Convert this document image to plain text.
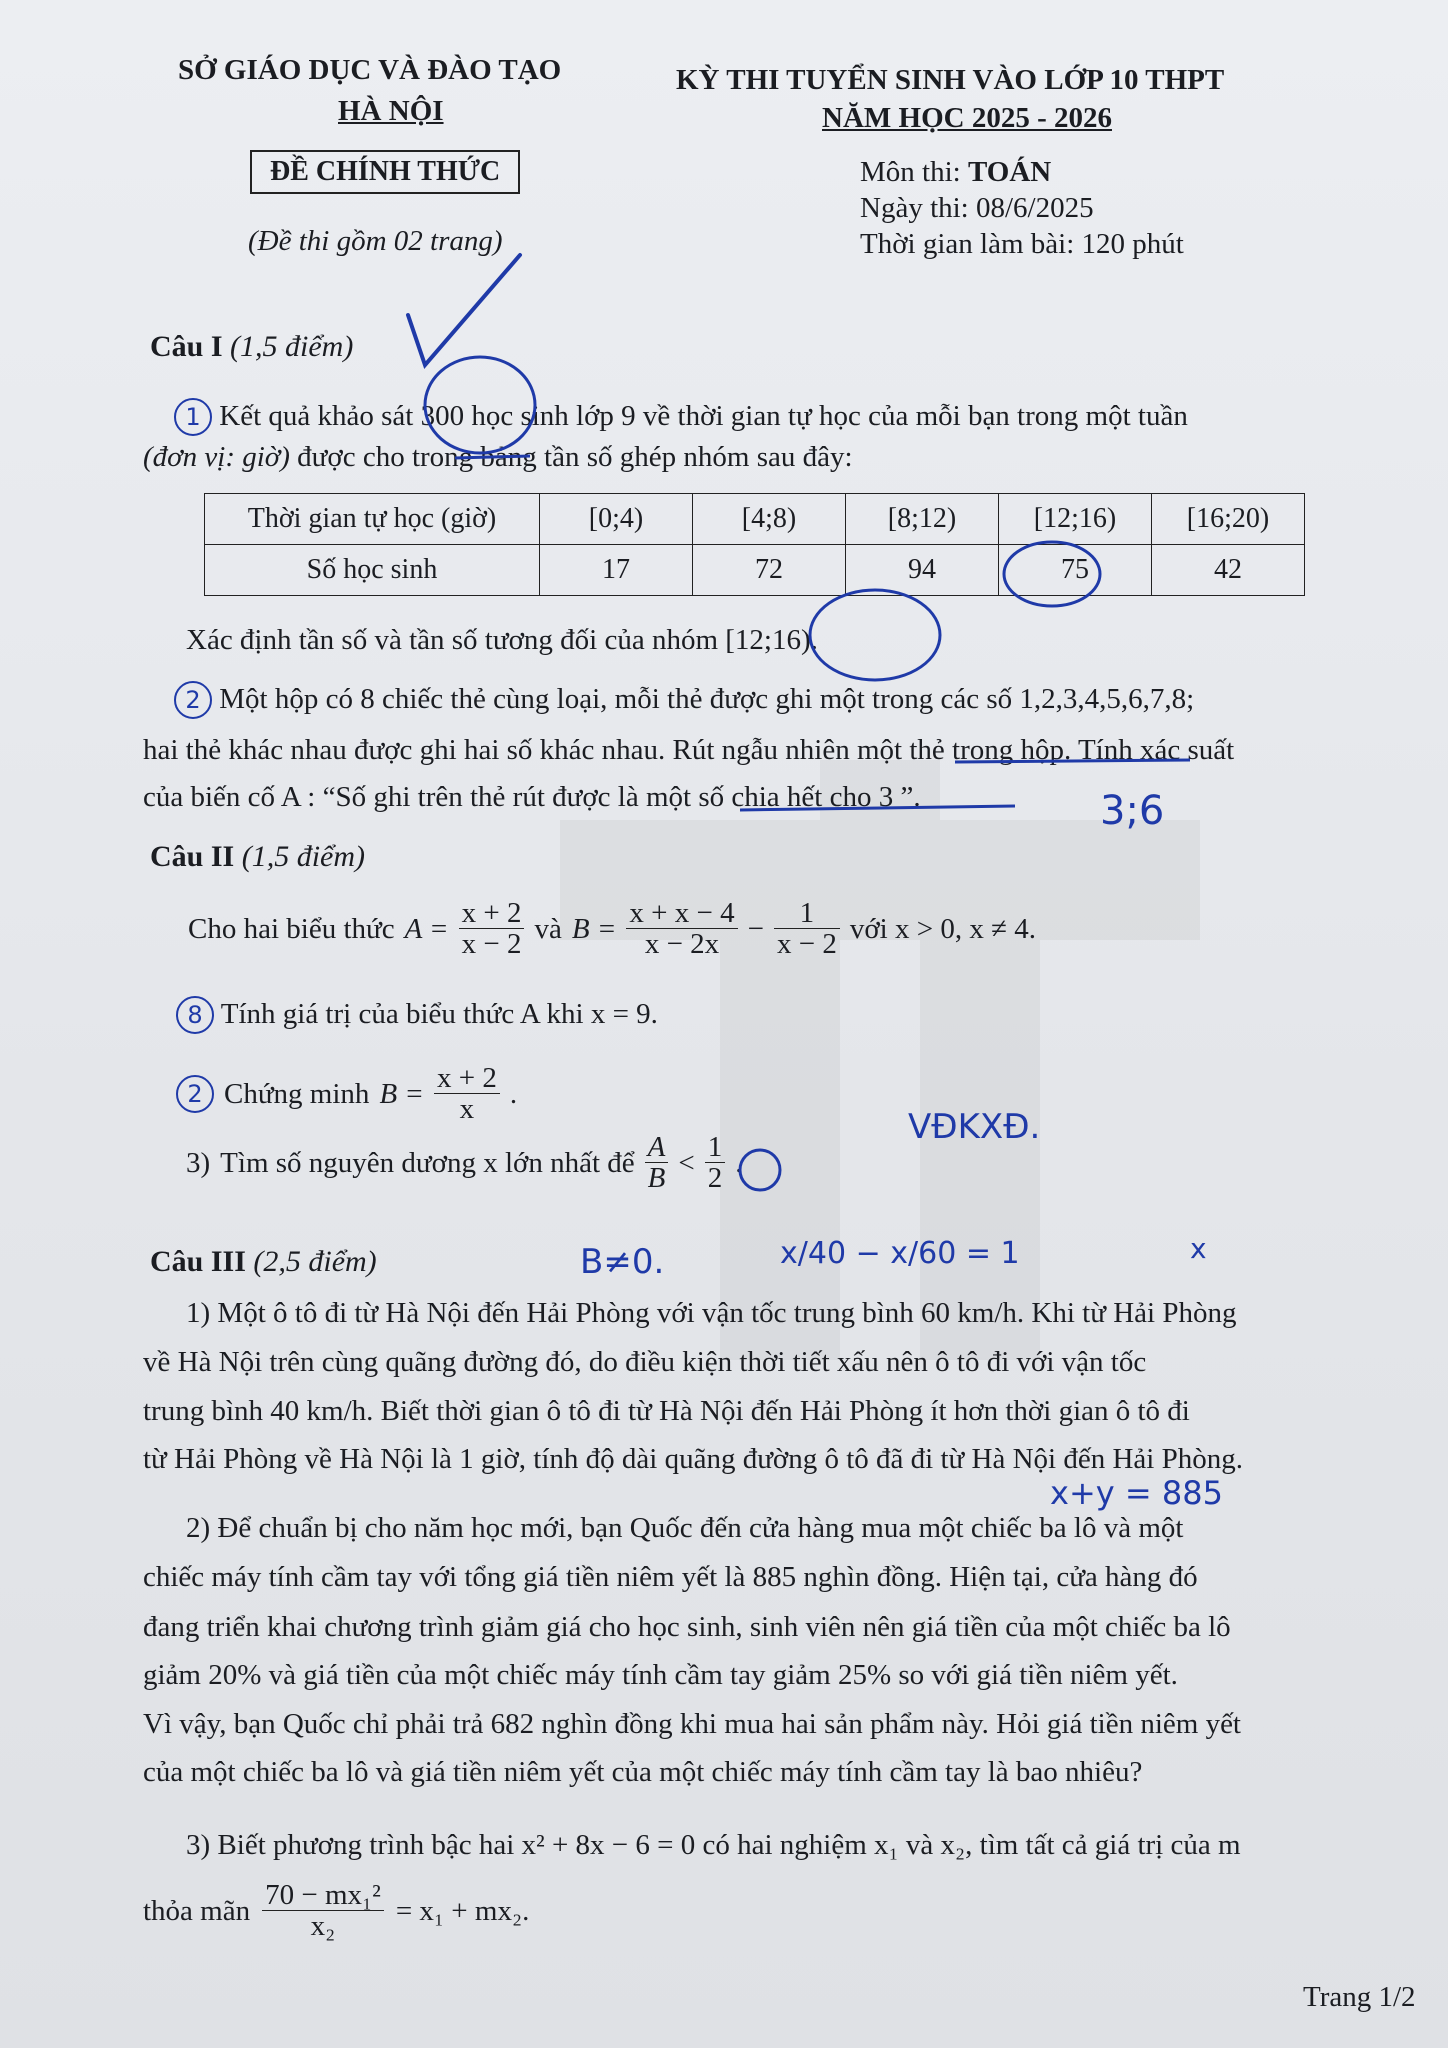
SỞ GIÁO DỤC VÀ ĐÀO TẠO
HÀ NỘI
KỲ THI TUYỂN SINH VÀO LỚP 10 THPT
NĂM HỌC 2025 - 2026
ĐỀ CHÍNH THỨC
(Đề thi gồm 02 trang)
Môn thi: TOÁN
Ngày thi: 08/6/2025
Thời gian làm bài: 120 phút
Câu I (1,5 điểm)
1 Kết quả khảo sát 300 học sinh lớp 9 về thời gian tự học của mỗi bạn trong một tuần
(đơn vị: giờ) được cho trong bảng tần số ghép nhóm sau đây:
Thời gian tự học (giờ)	[0;4)	[4;8)	[8;12)	[12;16)	[16;20)
Số học sinh	17	72	94	75	42
Xác định tần số và tần số tương đối của nhóm [12;16).
2 Một hộp có 8 chiếc thẻ cùng loại, mỗi thẻ được ghi một trong các số 1,2,3,4,5,6,7,8;
hai thẻ khác nhau được ghi hai số khác nhau. Rút ngẫu nhiên một thẻ trong hộp. Tính xác suất
của biến cố A : “Số ghi trên thẻ rút được là một số chia hết cho 3 ”.
Câu II (1,5 điểm)
Cho hai biểu thức $A = \frac{x + 2}{x - 2}$ và $B = \frac{x + x - 4}{x - 2x} - \frac{1}{x - 2}$ với x > 0, x ≠ 4.
8 Tính giá trị của biểu thức A khi x = 9.
2 Chứng minh $B = \frac{x + 2}{x}$ .
3) Tìm số nguyên dương x lớn nhất để $\frac{A}{B} < \frac{1}{2}$ .
Câu III (2,5 điểm)
1) Một ô tô đi từ Hà Nội đến Hải Phòng với vận tốc trung bình 60 km/h. Khi từ Hải Phòng
về Hà Nội trên cùng quãng đường đó, do điều kiện thời tiết xấu nên ô tô đi với vận tốc
trung bình 40 km/h. Biết thời gian ô tô đi từ Hà Nội đến Hải Phòng ít hơn thời gian ô tô đi
từ Hải Phòng về Hà Nội là 1 giờ, tính độ dài quãng đường ô tô đã đi từ Hà Nội đến Hải Phòng.
2) Để chuẩn bị cho năm học mới, bạn Quốc đến cửa hàng mua một chiếc ba lô và một
chiếc máy tính cầm tay với tổng giá tiền niêm yết là 885 nghìn đồng. Hiện tại, cửa hàng đó
đang triển khai chương trình giảm giá cho học sinh, sinh viên nên giá tiền của một chiếc ba lô
giảm 20% và giá tiền của một chiếc máy tính cầm tay giảm 25% so với giá tiền niêm yết.
Vì vậy, bạn Quốc chỉ phải trả 682 nghìn đồng khi mua hai sản phẩm này. Hỏi giá tiền niêm yết
của một chiếc ba lô và giá tiền niêm yết của một chiếc máy tính cầm tay là bao nhiêu?
3) Biết phương trình bậc hai x² + 8x − 6 = 0 có hai nghiệm x₁ và x₂, tìm tất cả giá trị của m
thỏa mãn $\frac{\text{70 − mx₁²}}{\text{x₂}} = x_1 + mx_2$.
Trang 1/2
3;6
VĐKXĐ.
B≠0.	x/40 − x/60 = 1	x
x+y = 885
